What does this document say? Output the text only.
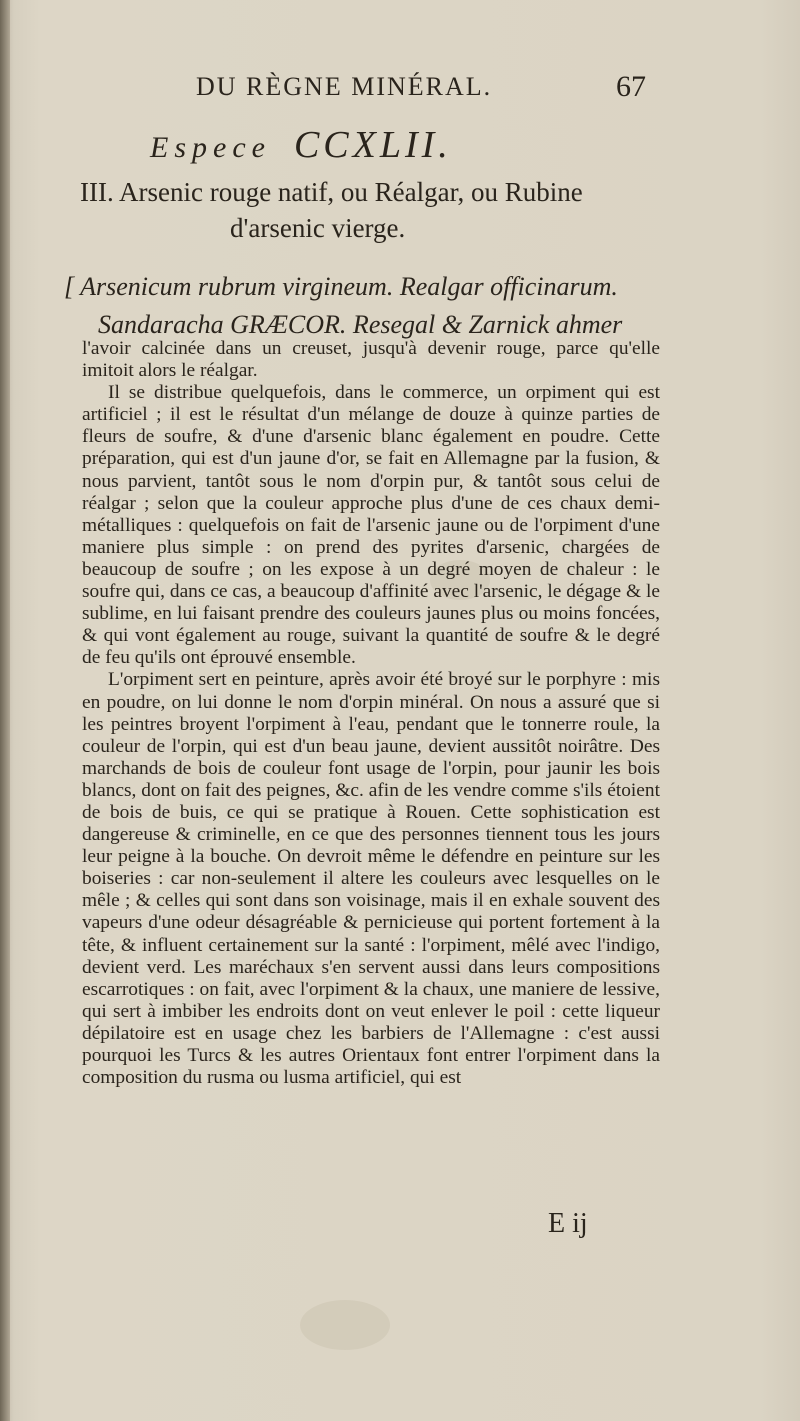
DU RÈGNE MINÉRAL.	67
Espece CCXLII.
III. Arsenic rouge natif, ou Réalgar, ou Rubine
d'arsenic vierge.
[ Arsenicum rubrum virgineum. Realgar officinarum.
Sandaracha GRÆCOR. Resegal & Zarnick ahmer

l'avoir calcinée dans un creuset, jusqu'à devenir rouge, parce qu'elle imitoit alors le réalgar.

Il se distribue quelquefois, dans le commerce, un orpiment qui est artificiel ; il est le résultat d'un mélange de douze à quinze parties de fleurs de soufre, & d'une d'arsenic blanc également en poudre. Cette préparation, qui est d'un jaune d'or, se fait en Allemagne par la fusion, & nous parvient, tantôt sous le nom d'orpin pur, & tantôt sous celui de réalgar ; selon que la couleur approche plus d'une de ces chaux demi-métalliques : quelquefois on fait de l'arsenic jaune ou de l'orpiment d'une maniere plus simple : on prend des pyrites d'arsenic, chargées de beaucoup de soufre ; on les expose à un degré moyen de chaleur : le soufre qui, dans ce cas, a beaucoup d'affinité avec l'arsenic, le dégage & le sublime, en lui faisant prendre des couleurs jaunes plus ou moins foncées, & qui vont également au rouge, suivant la quantité de soufre & le degré de feu qu'ils ont éprouvé ensemble.

L'orpiment sert en peinture, après avoir été broyé sur le porphyre : mis en poudre, on lui donne le nom d'orpin minéral. On nous a assuré que si les peintres broyent l'orpiment à l'eau, pendant que le tonnerre roule, la couleur de l'orpin, qui est d'un beau jaune, devient aussitôt noirâtre. Des marchands de bois de couleur font usage de l'orpin, pour jaunir les bois blancs, dont on fait des peignes, &c. afin de les vendre comme s'ils étoient de bois de buis, ce qui se pratique à Rouen. Cette sophistication est dangereuse & criminelle, en ce que des personnes tiennent tous les jours leur peigne à la bouche. On devroit même le défendre en peinture sur les boiseries : car non-seulement il altere les couleurs avec lesquelles on le mêle ; & celles qui sont dans son voisinage, mais il en exhale souvent des vapeurs d'une odeur désagréable & pernicieuse qui portent fortement à la tête, & influent certainement sur la santé : l'orpiment, mêlé avec l'indigo, devient verd. Les maréchaux s'en servent aussi dans leurs compositions escarrotiques : on fait, avec l'orpiment & la chaux, une maniere de lessive, qui sert à imbiber les endroits dont on veut enlever le poil : cette liqueur dépilatoire est en usage chez les barbiers de l'Allemagne : c'est aussi pourquoi les Turcs & les autres Orientaux font entrer l'orpiment dans la composition du rusma ou lusma artificiel, qui est

E ij
